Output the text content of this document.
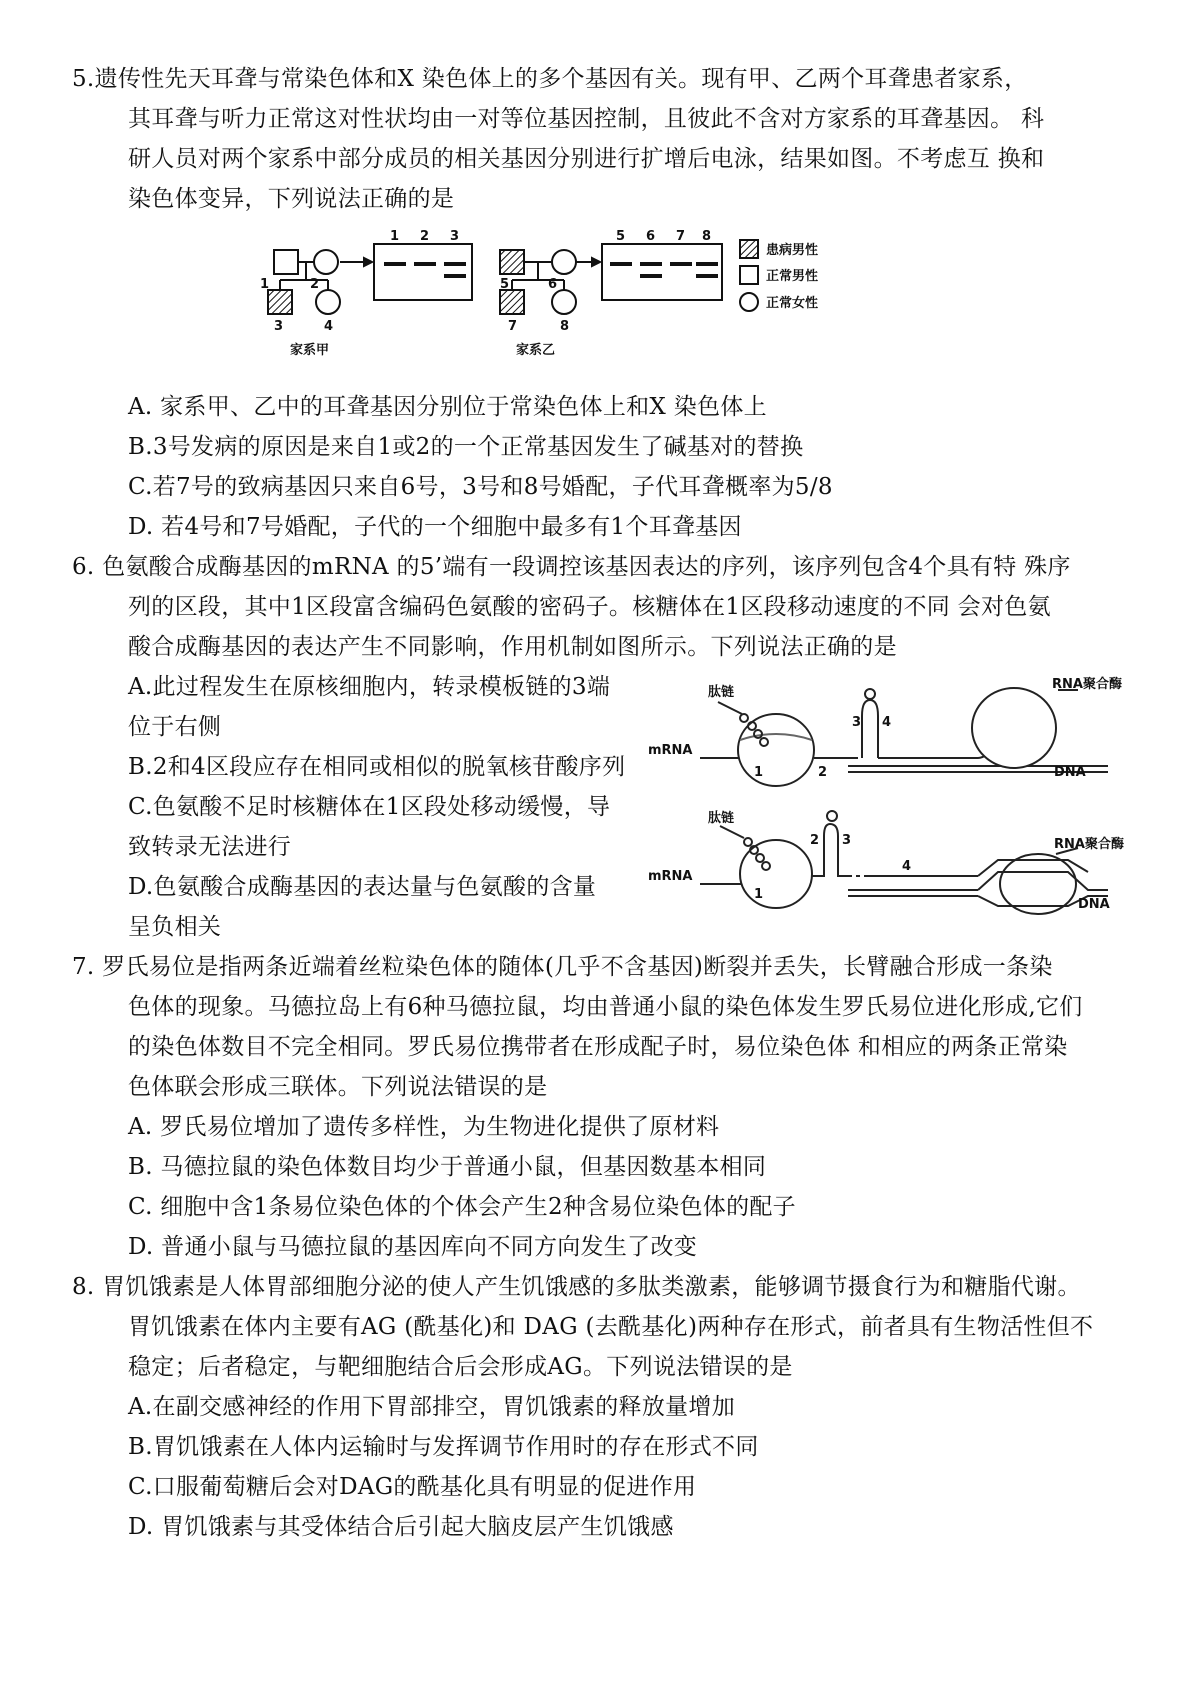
5.遗传性先天耳聋与常染色体和X 染色体上的多个基因有关。现有甲、乙两个耳聋患者家系，
其耳聋与听力正常这对性状均由一对等位基因控制，且彼此不含对方家系的耳聋基因。 科
研人员对两个家系中部分成员的相关基因分别进行扩增后电泳，结果如图。不考虑互 换和
染色体变异，下列说法正确的是
1	2
3	4
1 2 3
5	6
7	8
5 6 7 8
家系甲	家系乙
患病男性
正常男性
正常女性
A. 家系甲、乙中的耳聋基因分别位于常染色体上和X 染色体上
B.3号发病的原因是来自1或2的一个正常基因发生了碱基对的替换
C.若7号的致病基因只来自6号，3号和8号婚配，子代耳聋概率为5/8
D. 若4号和7号婚配，子代的一个细胞中最多有1个耳聋基因
6. 色氨酸合成酶基因的mRNA 的5’端有一段调控该基因表达的序列，该序列包含4个具有特 殊序
列的区段，其中1区段富含编码色氨酸的密码子。核糖体在1区段移动速度的不同 会对色氨
酸合成酶基因的表达产生不同影响，作用机制如图所示。下列说法正确的是
A.此过程发生在原核细胞内，转录模板链的3端
位于右侧
B.2和4区段应存在相同或相似的脱氧核苷酸序列
C.色氨酸不足时核糖体在1区段处移动缓慢，导
致转录无法进行
D.色氨酸合成酶基因的表达量与色氨酸的含量
呈负相关
肽链
mRNA
1	2
3 4
DNA
RNA聚合酶
肽链
mRNA
1
2 3
4
RNA聚合酶
DNA
7. 罗氏易位是指两条近端着丝粒染色体的随体(几乎不含基因)断裂并丢失，长臂融合形成一条染
色体的现象。马德拉岛上有6种马德拉鼠，均由普通小鼠的染色体发生罗氏易位进化形成,它们
的染色体数目不完全相同。罗氏易位携带者在形成配子时，易位染色体 和相应的两条正常染
色体联会形成三联体。下列说法错误的是
A. 罗氏易位增加了遗传多样性，为生物进化提供了原材料
B. 马德拉鼠的染色体数目均少于普通小鼠，但基因数基本相同
C. 细胞中含1条易位染色体的个体会产生2种含易位染色体的配子
D. 普通小鼠与马德拉鼠的基因库向不同方向发生了改变
8. 胃饥饿素是人体胃部细胞分泌的使人产生饥饿感的多肽类激素，能够调节摄食行为和糖脂代谢。
胃饥饿素在体内主要有AG (酰基化)和 DAG (去酰基化)两种存在形式，前者具有生物活性但不
稳定；后者稳定，与靶细胞结合后会形成AG。下列说法错误的是
A.在副交感神经的作用下胃部排空，胃饥饿素的释放量增加
B.胃饥饿素在人体内运输时与发挥调节作用时的存在形式不同
C.口服葡萄糖后会对DAG的酰基化具有明显的促进作用
D. 胃饥饿素与其受体结合后引起大脑皮层产生饥饿感
